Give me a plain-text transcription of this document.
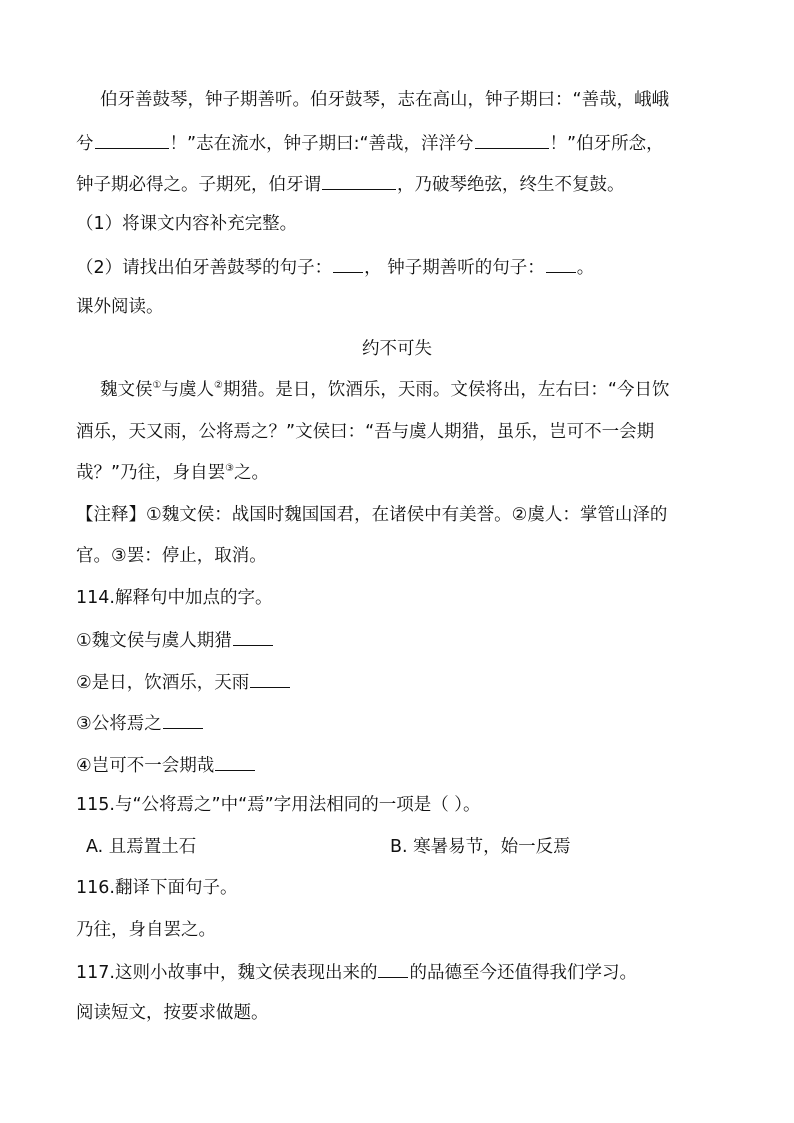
伯牙善鼓琴，钟子期善听。伯牙鼓琴，志在高山，钟子期曰：“善哉，峨峨
兮	！”志在流水，钟子期曰:“善哉，洋洋兮	！”伯牙所念，
钟子期必得之。子期死，伯牙谓	，乃破琴绝弦，终生不复鼓。
（1）将课文内容补充完整。
（2）请找出伯牙善鼓琴的句子： ， 钟子期善听的句子： 。
课外阅读。
约不可失
魏文侯①与虞人②期猎。是日，饮酒乐，天雨。文侯将出，左右曰：“今日饮
酒乐，天又雨，公将焉之？”文侯曰：“吾与虞人期猎，虽乐，岂可不一会期
哉？”乃往，身自罢③之。
【注释】①魏文侯：战国时魏国国君，在诸侯中有美誉。②虞人：掌管山泽的
官。③罢：停止，取消。
114.解释句中加点的字。
①魏文侯与虞人期猎
②是日，饮酒乐，天雨
③公将焉之
④岂可不一会期哉
115.与“公将焉之”中“焉”字用法相同的一项是（ ）。
A. 且焉置土石	B. 寒暑易节，始一反焉
116.翻译下面句子。
乃往，身自罢之。
117.这则小故事中，魏文侯表现出来的 的品德至今还值得我们学习。
阅读短文，按要求做题。
